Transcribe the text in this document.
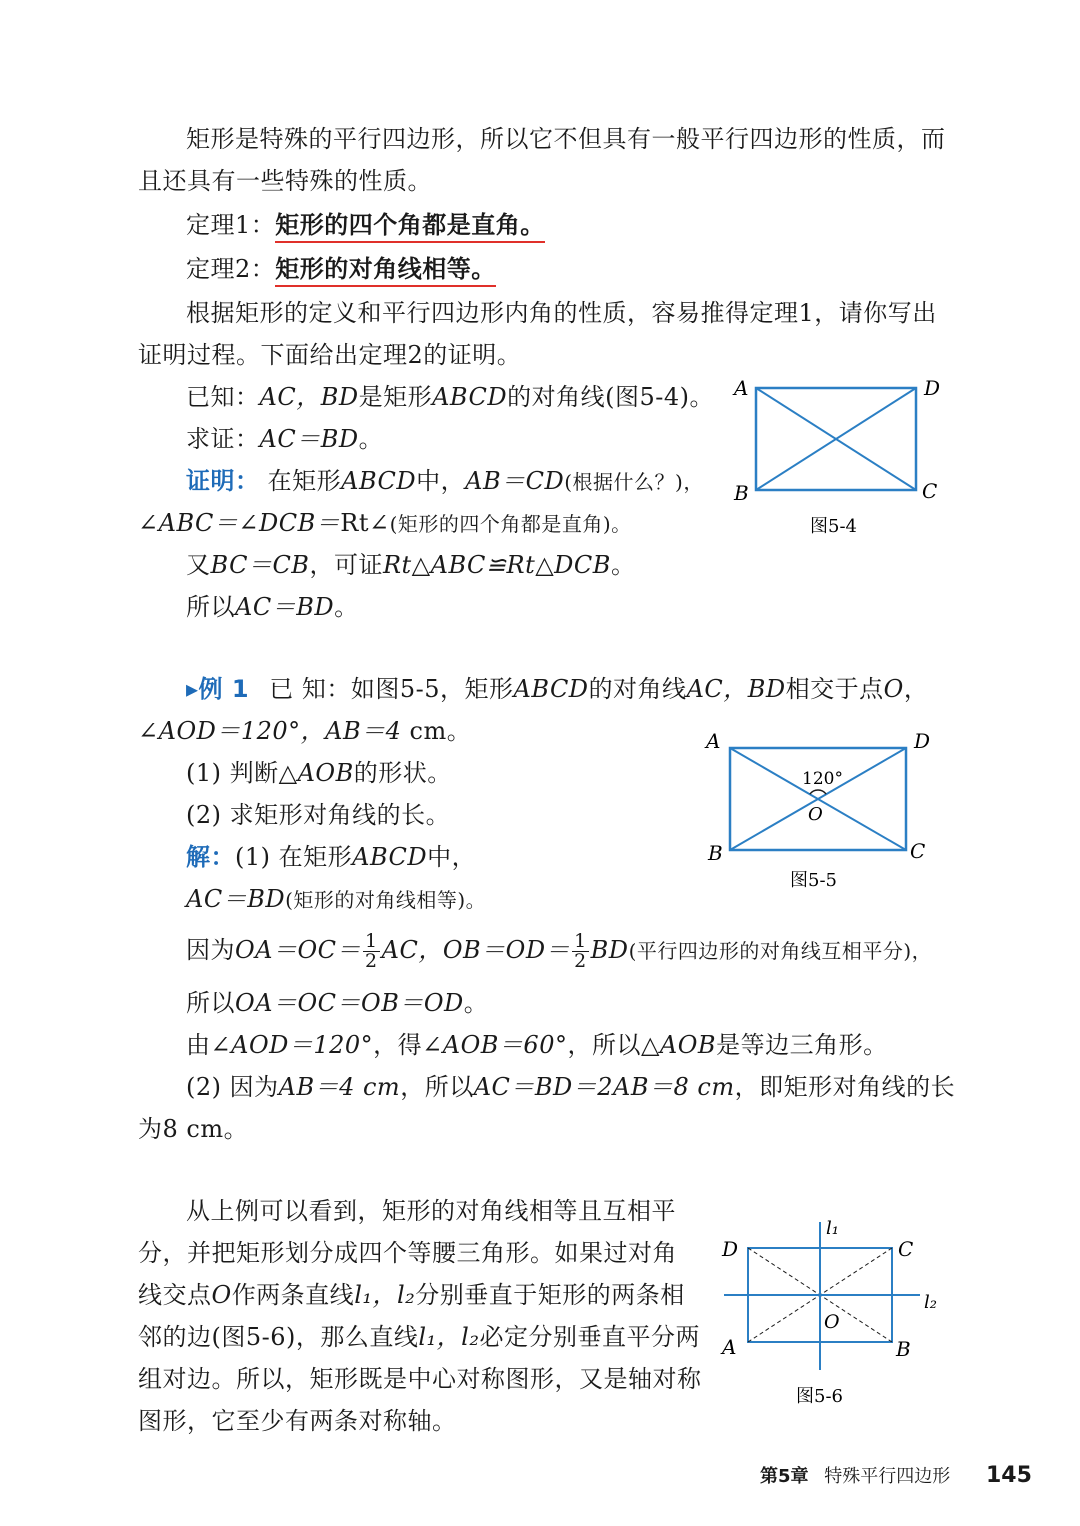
矩形是特殊的平行四边形，所以它不但具有一般平行四边形的性质，而
且还具有一些特殊的性质。
定理1：矩形的四个角都是直角。
定理2：矩形的对角线相等。
根据矩形的定义和平行四边形内角的性质，容易推得定理1，请你写出
证明过程。下面给出定理2的证明。
已知：AC，BD是矩形ABCD的对角线(图5-4)。
求证：AC＝BD。
证明： 在矩形ABCD中，AB＝CD(根据什么？)，
∠ABC＝∠DCB＝Rt∠(矩形的四个角都是直角)。
又BC＝CB，可证Rt△ABC≌Rt△DCB。
所以AC＝BD。
A	D
B	C
图5-4
▸例 1 已 知：如图5-5，矩形ABCD的对角线AC，BD相交于点O，
∠AOD＝120°，AB＝4 cm。
(1) 判断△AOB的形状。
(2) 求矩形对角线的长。
解：(1) 在矩形ABCD中，
AC＝BD(矩形的对角线相等)。
因为$OA=OC= \frac{1}{2}$ AC，$OB=OD= \frac{1}{2} BD$(平行四边形的对角线互相平分)，
所以OA＝OC＝OB＝OD。
由∠AOD＝120°，得∠AOB＝60°，所以△AOB是等边三角形。
(2) 因为AB＝4 cm，所以AC＝BD＝2AB＝8 cm，即矩形对角线的长
为8 cm。
A	D
B	C
O
120°
图5-5
从上例可以看到，矩形的对角线相等且互相平
分，并把矩形划分成四个等腰三角形。如果过对角
线交点O作两条直线l₁，l₂分别垂直于矩形的两条相
邻的边(图5-6)，那么直线l₁，l₂必定分别垂直平分两
组对边。所以，矩形既是中心对称图形，又是轴对称
图形，它至少有两条对称轴。
D	C
A	B
O
l₁
l₂
图5-6
第5章 特殊平行四边形 145
